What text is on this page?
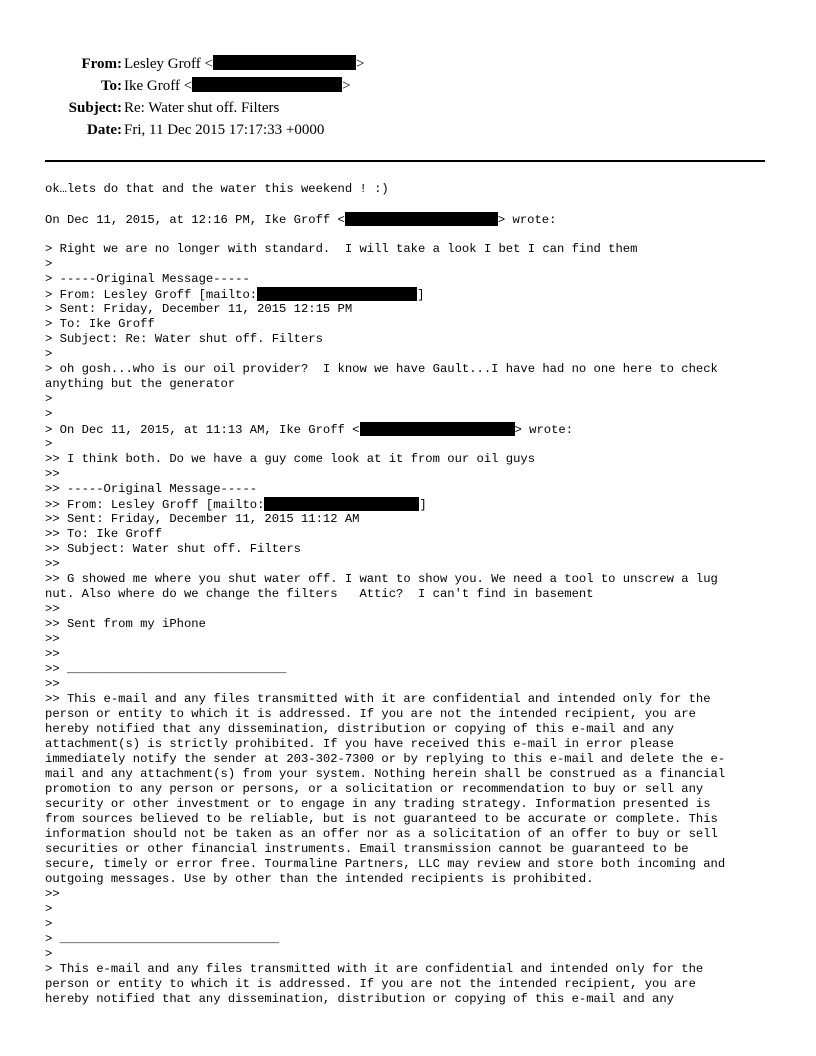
From: Lesley Groff <	>
To: Ike Groff <	>
Subject: Re: Water shut off. Filters
Date: Fri, 11 Dec 2015 17:17:33 +0000
ok…lets do that and the water this weekend ! :)
On Dec 11, 2015, at 12:16 PM, Ike Groff <	> wrote:
> Right we are no longer with standard.  I will take a look I bet I can find them
>
> -----Original Message-----
> From: Lesley Groff [mailto:	]
> Sent: Friday, December 11, 2015 12:15 PM
> To: Ike Groff
> Subject: Re: Water shut off. Filters
>
> oh gosh...who is our oil provider?  I know we have Gault...I have had no one here to check
anything but the generator
>
>
> On Dec 11, 2015, at 11:13 AM, Ike Groff <	> wrote:
>
>> I think both. Do we have a guy come look at it from our oil guys
>>
>> -----Original Message-----
>> From: Lesley Groff [mailto:	]
>> Sent: Friday, December 11, 2015 11:12 AM
>> To: Ike Groff
>> Subject: Water shut off. Filters
>>
>> G showed me where you shut water off. I want to show you. We need a tool to unscrew a lug
nut. Also where do we change the filters   Attic?  I can't find in basement
>>
>> Sent from my iPhone
>>
>>
>> ______________________________
>>
>> This e-mail and any files transmitted with it are confidential and intended only for the
person or entity to which it is addressed. If you are not the intended recipient, you are
hereby notified that any dissemination, distribution or copying of this e-mail and any
attachment(s) is strictly prohibited. If you have received this e-mail in error please
immediately notify the sender at 203-302-7300 or by replying to this e-mail and delete the e-
mail and any attachment(s) from your system. Nothing herein shall be construed as a financial
promotion to any person or persons, or a solicitation or recommendation to buy or sell any
security or other investment or to engage in any trading strategy. Information presented is
from sources believed to be reliable, but is not guaranteed to be accurate or complete. This
information should not be taken as an offer nor as a solicitation of an offer to buy or sell
securities or other financial instruments. Email transmission cannot be guaranteed to be
secure, timely or error free. Tourmaline Partners, LLC may review and store both incoming and
outgoing messages. Use by other than the intended recipients is prohibited.
>>
>
>
> ______________________________
>
> This e-mail and any files transmitted with it are confidential and intended only for the
person or entity to which it is addressed. If you are not the intended recipient, you are
hereby notified that any dissemination, distribution or copying of this e-mail and any
